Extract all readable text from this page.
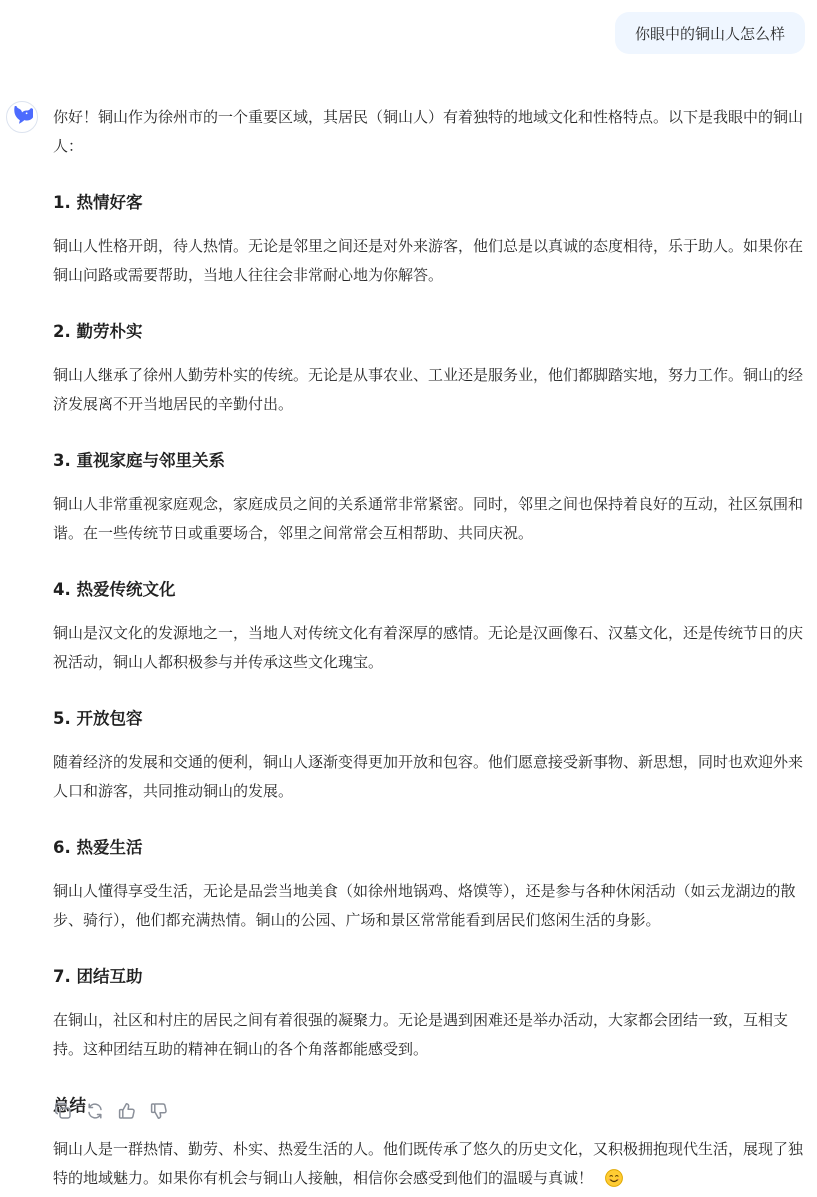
你眼中的铜山人怎么样

你好！铜山作为徐州市的一个重要区域，其居民（铜山人）有着独特的地域文化和性格特点。以下是我眼中的铜山人：

1. 热情好客

铜山人性格开朗，待人热情。无论是邻里之间还是对外来游客，他们总是以真诚的态度相待，乐于助人。如果你在铜山问路或需要帮助，当地人往往会非常耐心地为你解答。

2. 勤劳朴实

铜山人继承了徐州人勤劳朴实的传统。无论是从事农业、工业还是服务业，他们都脚踏实地，努力工作。铜山的经济发展离不开当地居民的辛勤付出。

3. 重视家庭与邻里关系

铜山人非常重视家庭观念，家庭成员之间的关系通常非常紧密。同时，邻里之间也保持着良好的互动，社区氛围和谐。在一些传统节日或重要场合，邻里之间常常会互相帮助、共同庆祝。

4. 热爱传统文化

铜山是汉文化的发源地之一，当地人对传统文化有着深厚的感情。无论是汉画像石、汉墓文化，还是传统节日的庆祝活动，铜山人都积极参与并传承这些文化瑰宝。

5. 开放包容

随着经济的发展和交通的便利，铜山人逐渐变得更加开放和包容。他们愿意接受新事物、新思想，同时也欢迎外来人口和游客，共同推动铜山的发展。

6. 热爱生活

铜山人懂得享受生活，无论是品尝当地美食（如徐州地锅鸡、烙馍等），还是参与各种休闲活动（如云龙湖边的散步、骑行），他们都充满热情。铜山的公园、广场和景区常常能看到居民们悠闲生活的身影。

7. 团结互助

在铜山，社区和村庄的居民之间有着很强的凝聚力。无论是遇到困难还是举办活动，大家都会团结一致，互相支持。这种团结互助的精神在铜山的各个角落都能感受到。

总结

铜山人是一群热情、勤劳、朴实、热爱生活的人。他们既传承了悠久的历史文化，又积极拥抱现代生活，展现了独特的地域魅力。如果你有机会与铜山人接触，相信你会感受到他们的温暖与真诚！
